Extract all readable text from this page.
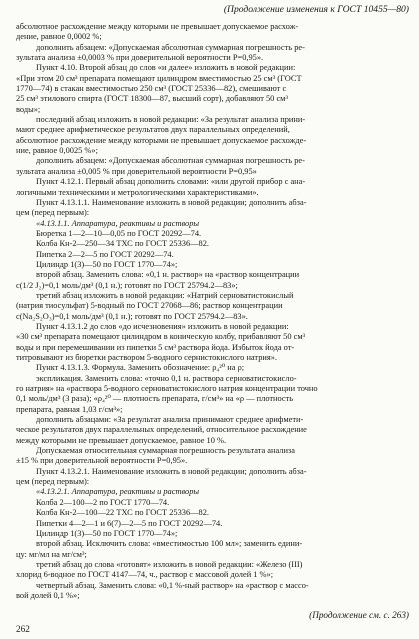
(Продолжение изменения к ГОСТ 10455—80)

абсолютное расхождение между которыми не превышает допускаемое расхож-

дение, равное 0,0002 %;

дополнить абзацем: «Допускаемая абсолютная суммарная погрешность ре-

зультата анализа ±0,0003 % при доверительной вероятности P=0,95».

Пункт 4.10. Второй абзац до слов «и далее» изложить в новой редакции:

«При этом 20 см³ препарата помещают цилиндром вместимостью 25 см³ (ГОСТ

1770—74) в стакан вместимостью 250 см³ (ГОСТ 25336—82), смешивают с

25 см³ этилового спирта (ГОСТ 18300—87, высший сорт), добавляют 50 см³

воды»;

последний абзац изложить в новой редакции: «За результат анализа прини-

мают среднее арифметическое результатов двух параллельных определений,

абсолютное расхождение между которыми не превышает допускаемое расхожде-

ние, равное 0,0025 %»;

дополнить абзацем: «Допускаемая абсолютная суммарная погрешность ре-

зультата анализа ±0,005 % при доверительной вероятности P=0,95»

Пункт 4.12.1. Первый абзац дополнить словами: «или другой прибор с ана-

логичными техническими и метрологическими характеристиками».

Пункт 4.13.1.1. Наименование изложить в новой редакции; дополнить абза-

цем (перед первым):

«4.13.1.1. Аппаратура, реактивы и растворы

Бюретка 1—2—10—0,05 по ГОСТ 20292—74.

Колба Кн-2—250—34 ТХС по ГОСТ 25336—82.

Пипетка 2—2—5 по ГОСТ 20292—74.

Цилиндр 1(3)—50 по ГОСТ 1770—74»;

второй абзац. Заменить слова: «0,1 н. раствор» на «раствор концентрации

c(1/2 J₂)=0,1 моль/дм³ (0,1 н.); готовят по ГОСТ 25794.2—83»;

третий абзац изложить в новой редакции: «Натрий серноватистокислый

(натрия тиосульфат) 5-водный по ГОСТ 27068—86; раствор концентрации

c(Na₂S₂O₃)=0,1 моль/дм³ (0,1 н.); готовят по ГОСТ 25794.2—83».

Пункт 4.13.1.2 до слов «до исчезновения» изложить в новой редакции:

«30 см³ препарата помещают цилиндром в коническую колбу, прибавляют 50 см³

воды и при перемешивании из пипетки 5 см³ раствора йода. Избыток йода от-

титровывают из бюретки раствором 5-водного сернистокислого натрия».

Пункт 4.13.1.3. Формула. Заменить обозначение: ρ₄²⁰ на ρ;

экспликация. Заменить слова: «точно 0,1 н. раствора серноватистокисло-

го натрия» на «раствора 5-водного серноватистокислого натрия концентрации точно

0,1 моль/дм³ (3 раза); «ρ₄²⁰ — плотность препарата, г/см³» на «ρ — плотность

препарата, равная 1,03 г/см³»;

дополнить абзацами: «За результат анализа принимают среднее арифмети-

ческое результатов двух параллельных определений, относительное расхождение

между которыми не превышает допускаемое, равное 10 %.

Допускаемая относительная суммарная погрешность результата анализа

±15 % при доверительной вероятности P=0,95».

Пункт 4.13.2.1. Наименование изложить в новой редакции; дополнить абза-

цем (перед первым):

«4.13.2.1. Аппаратура, реактивы и растворы

Колба 2—100—2 по ГОСТ 1770—74.

Колба Кн-2—100—22 ТХС по ГОСТ 25336—82.

Пипетки 4—2—1 и 6(7)—2—5 по ГОСТ 20292—74.

Цилиндр 1(3)—50 по ГОСТ 1770—74»;

второй абзац. Исключить слова: «вместимостью 100 мл»; заменить едини-

цу: мг/мл на мг/см³;

третий абзац до слова «готовят» изложить в новой редакции: «Железо (III)

хлорид 6-водное по ГОСТ 4147—74, ч., раствор с массовой долей 1 %»;

четвертый абзац. Заменить слова: «0,1 %-ный раствор» на «раствор с массо-

вой долей 0,1 %»;

(Продолжение см. с. 263)
262
